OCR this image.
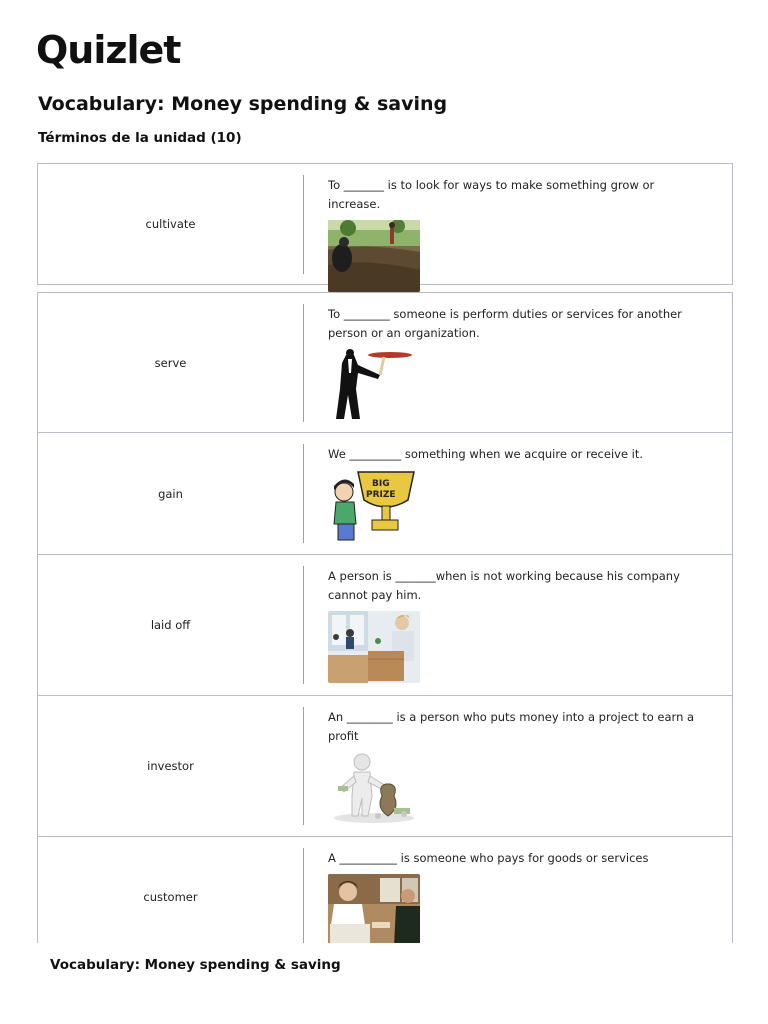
Quizlet
Vocabulary: Money spending & saving
Términos de la unidad (10)
cultivate
To _______ is to look for ways to make something grow or increase.
serve
To ________ someone is perform duties or services for another person or an organization.
gain
We _________ something when we acquire or receive it.
BIG
PRIZE
laid off
A person is _______when is not working because his company cannot pay him.
investor
An ________ is a person who puts money into a project to earn a profit
customer
A __________ is someone who pays for goods or services
Vocabulary: Money spending & saving
